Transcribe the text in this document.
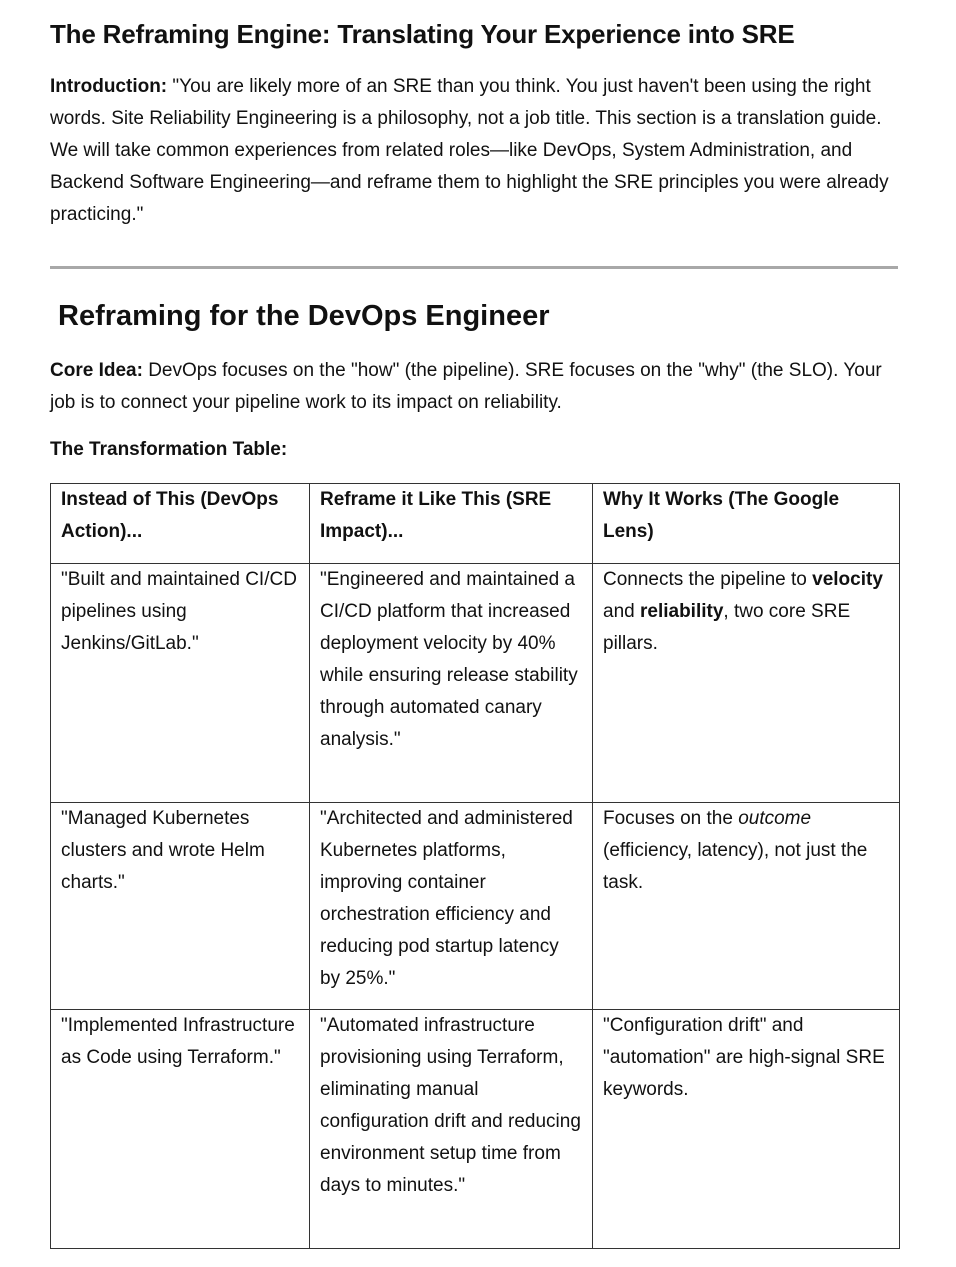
The Reframing Engine: Translating Your Experience into SRE

Introduction: "You are likely more of an SRE than you think. You just haven't been using the right words. Site Reliability Engineering is a philosophy, not a job title. This section is a translation guide. We will take common experiences from related roles—like DevOps, System Administration, and Backend Software Engineering—and reframe them to highlight the SRE principles you were already practicing."

Reframing for the DevOps Engineer

Core Idea: DevOps focuses on the "how" (the pipeline). SRE focuses on the "why" (the SLO). Your job is to connect your pipeline work to its impact on reliability.

The Transformation Table:

Instead of This (DevOps Action)...	Reframe it Like This (SRE Impact)...	Why It Works (The Google Lens)
"Built and maintained CI/CD pipelines using Jenkins/GitLab."	"Engineered and maintained a CI/CD platform that increased deployment velocity by 40% while ensuring release stability through automated canary analysis."	Connects the pipeline to velocity and reliability, two core SRE pillars.
"Managed Kubernetes clusters and wrote Helm charts."	"Architected and administered Kubernetes platforms, improving container orchestration efficiency and reducing pod startup latency by 25%."	Focuses on the outcome (efficiency, latency), not just the task.
"Implemented Infrastructure as Code using Terraform."	"Automated infrastructure provisioning using Terraform, eliminating manual configuration drift and reducing environment setup time from days to minutes."	"Configuration drift" and "automation" are high-signal SRE keywords.
